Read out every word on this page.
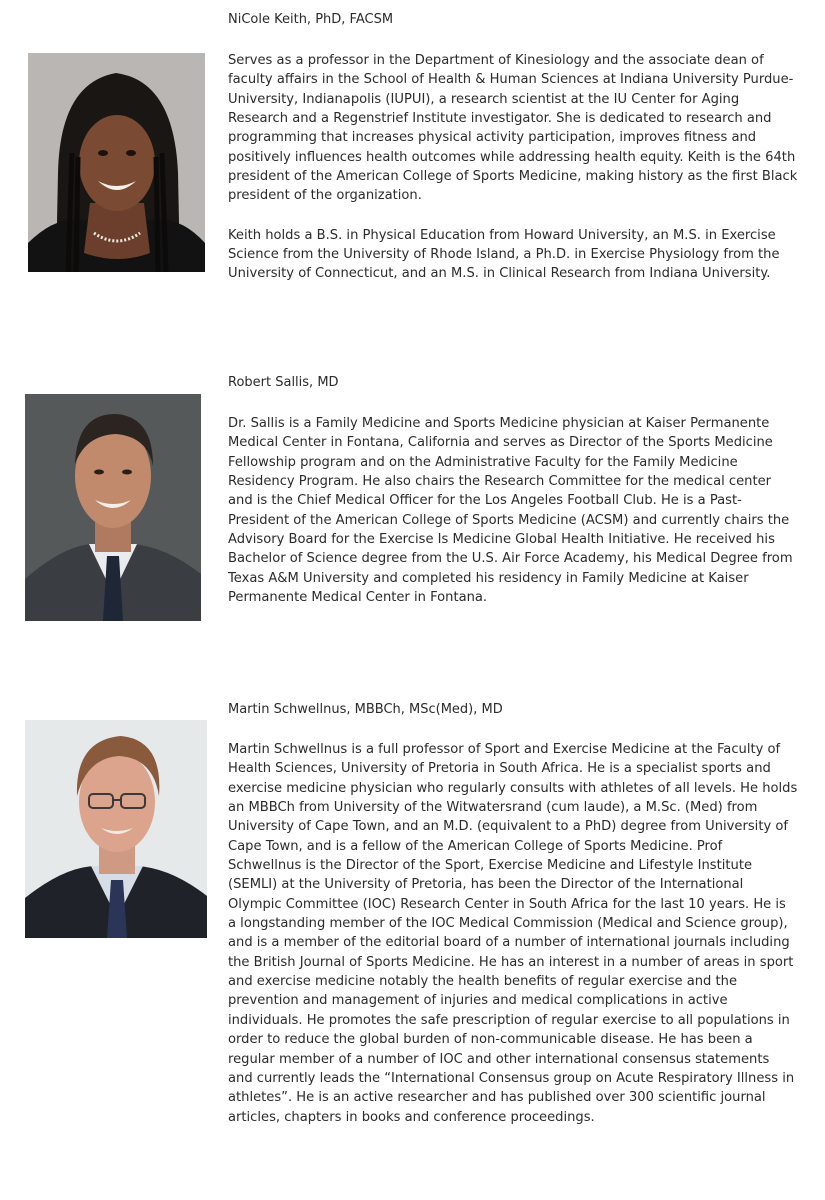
NiCole Keith, PhD, FACSM

Serves as a professor in the Department of Kinesiology and the associate dean of faculty affairs in the School of Health & Human Sciences at Indiana University Purdue-University, Indianapolis (IUPUI), a research scientist at the IU Center for Aging Research and a Regenstrief Institute investigator. She is dedicated to research and programming that increases physical activity participation, improves fitness and positively influences health outcomes while addressing health equity. Keith is the 64th president of the American College of Sports Medicine, making history as the first Black president of the organization.

Keith holds a B.S. in Physical Education from Howard University, an M.S. in Exercise Science from the University of Rhode Island, a Ph.D. in Exercise Physiology from the University of Connecticut, and an M.S. in Clinical Research from Indiana University.

Robert Sallis, MD

Dr. Sallis is a Family Medicine and Sports Medicine physician at Kaiser Permanente Medical Center in Fontana, California and serves as Director of the Sports Medicine Fellowship program and on the Administrative Faculty for the Family Medicine Residency Program. He also chairs the Research Committee for the medical center and is the Chief Medical Officer for the Los Angeles Football Club. He is a Past-President of the American College of Sports Medicine (ACSM) and currently chairs the Advisory Board for the Exercise Is Medicine Global Health Initiative. He received his Bachelor of Science degree from the U.S. Air Force Academy, his Medical Degree from Texas A&M University and completed his residency in Family Medicine at Kaiser Permanente Medical Center in Fontana.

Martin Schwellnus, MBBCh, MSc(Med), MD

Martin Schwellnus is a full professor of Sport and Exercise Medicine at the Faculty of Health Sciences, University of Pretoria in South Africa. He is a specialist sports and exercise medicine physician who regularly consults with athletes of all levels. He holds an MBBCh from University of the Witwatersrand (cum laude), a M.Sc. (Med) from University of Cape Town, and an M.D. (equivalent to a PhD) degree from University of Cape Town, and is a fellow of the American College of Sports Medicine. Prof Schwellnus is the Director of the Sport, Exercise Medicine and Lifestyle Institute (SEMLI) at the University of Pretoria, has been the Director of the International Olympic Committee (IOC) Research Center in South Africa for the last 10 years. He is a longstanding member of the IOC Medical Commission (Medical and Science group), and is a member of the editorial board of a number of international journals including the British Journal of Sports Medicine. He has an interest in a number of areas in sport and exercise medicine notably the health benefits of regular exercise and the prevention and management of injuries and medical complications in active individuals. He promotes the safe prescription of regular exercise to all populations in order to reduce the global burden of non-communicable disease. He has been a regular member of a number of IOC and other international consensus statements and currently leads the “International Consensus group on Acute Respiratory Illness in athletes”. He is an active researcher and has published over 300 scientific journal articles, chapters in books and conference proceedings.
